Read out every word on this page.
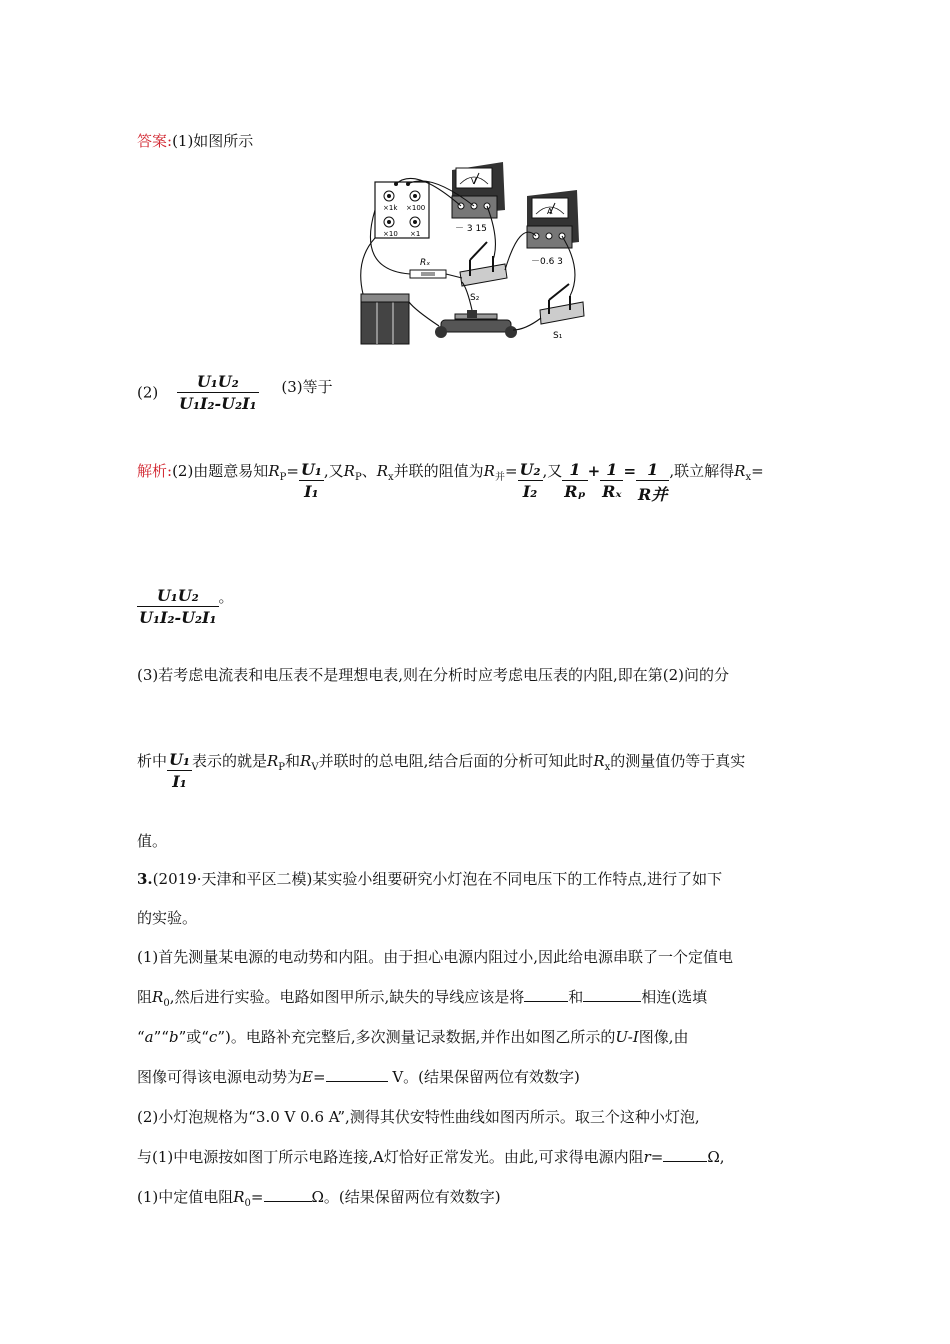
答案:(1)如图所示
×1k ×100
×10 ×1
V
－ 3 15
A
－0.6 3
Rₓ
S₂
S₁
$(2) \frac{\text{U₁U₂}}{\text{U₁I₂-U₂I₁}} (3)$等于
解析:(2)由题意易知$R_P= \frac{\text{U₁}}{\text{I₁}}$ ,又$R_P$、$R_x$并联的阻值为$R_并= \frac{\text{U₂}}{\text{I₂}}$ ,又 $\frac{1}{\text{Rₚ}} + \frac{1}{\text{Rₓ}} = \frac{1}{\text{R并}}$ ,联立解得$R_x=$
$\frac{\text{U₁U₂}}{\text{U₁I₂-U₂I₁}}$ 。
(3)若考虑电流表和电压表不是理想电表,则在分析时应考虑电压表的内阻,即在第(2)问的分
析中 $\frac{\text{U₁}}{\text{I₁}}$ 表示的就是$R_P$和$R_V$并联时的总电阻,结合后面的分析可知此时$R_x$的测量值仍等于真实
值。
3.(2019·天津和平区二模)某实验小组要研究小灯泡在不同电压下的工作特点,进行了如下
的实验。
(1)首先测量某电源的电动势和内阻。由于担心电源内阻过小,因此给电源串联了一个定值电
阻$R_0$,然后进行实验。电路如图甲所示,缺失的导线应该是将	和	相连(选填
“a”“b”或“c”)。电路补充完整后,多次测量记录数据,并作出如图乙所示的U-I图像,由
图像可得该电源电动势为E=	V。(结果保留两位有效数字)
(2)小灯泡规格为“3.0 V 0.6 A”,测得其伏安特性曲线如图丙所示。取三个这种小灯泡,
与(1)中电源按如图丁所示电路连接,A灯恰好正常发光。由此,可求得电源内阻r=	Ω,
(1)中定值电阻$R_0=$	Ω。(结果保留两位有效数字)
